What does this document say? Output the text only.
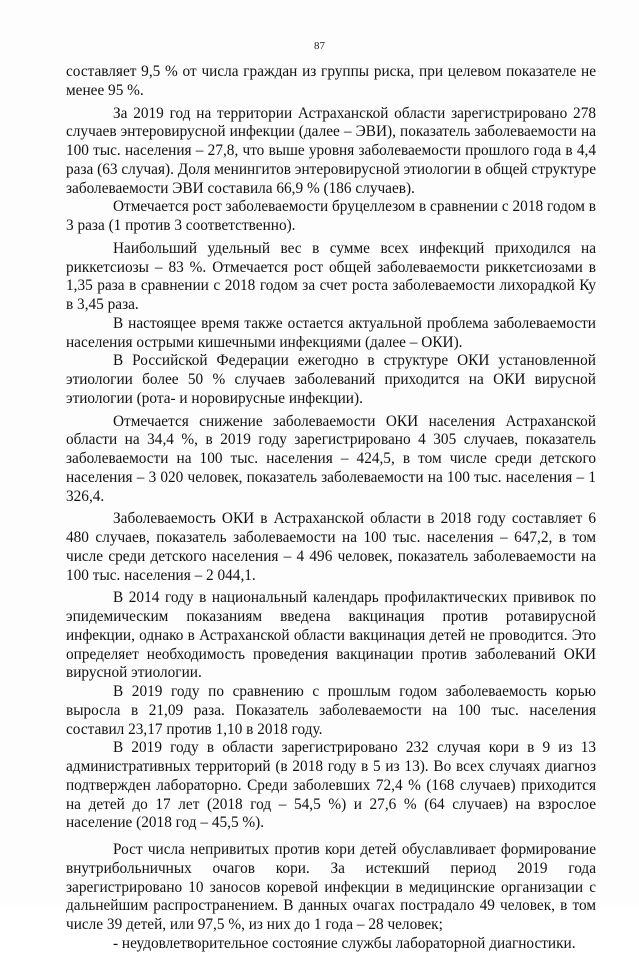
87

составляет 9,5 % от числа граждан из группы риска, при целевом показателе не менее 95 %.

За 2019 год на территории Астраханской области зарегистрировано 278 случаев энтеровирусной инфекции (далее – ЭВИ), показатель заболеваемости на 100 тыс. населения – 27,8, что выше уровня заболеваемости прошлого года в 4,4 раза (63 случая). Доля менингитов энтеровирусной этиологии в общей структуре заболеваемости ЭВИ составила 66,9 % (186 случаев).

Отмечается рост заболеваемости бруцеллезом в сравнении с 2018 годом в 3 раза (1 против 3 соответственно).

Наибольший удельный вес в сумме всех инфекций приходился на риккетсиозы – 83 %. Отмечается рост общей заболеваемости риккетсиозами в 1,35 раза в сравнении с 2018 годом за счет роста заболеваемости лихорадкой Ку в 3,45 раза.

В настоящее время также остается актуальной проблема заболеваемости населения острыми кишечными инфекциями (далее – ОКИ).

В Российской Федерации ежегодно в структуре ОКИ установленной этиологии более 50 % случаев заболеваний приходится на ОКИ вирусной этиологии (рота- и норовирусные инфекции).

Отмечается снижение заболеваемости ОКИ населения Астраханской области на 34,4 %, в 2019 году зарегистрировано 4 305 случаев, показатель заболеваемости на 100 тыс. населения – 424,5, в том числе среди детского населения – 3 020 человек, показатель заболеваемости на 100 тыс. населения – 1 326,4.

Заболеваемость ОКИ в Астраханской области в 2018 году составляет 6 480 случаев, показатель заболеваемости на 100 тыс. населения – 647,2, в том числе среди детского населения – 4 496 человек, показатель заболеваемости на 100 тыс. населения – 2 044,1.

В 2014 году в национальный календарь профилактических прививок по эпидемическим показаниям введена вакцинация против ротавирусной инфекции, однако в Астраханской области вакцинация детей не проводится. Это определяет необходимость проведения вакцинации против заболеваний ОКИ вирусной этиологии.

В 2019 году по сравнению с прошлым годом заболеваемость корью выросла в 21,09 раза. Показатель заболеваемости на 100 тыс. населения составил 23,17 против 1,10 в 2018 году.

В 2019 году в области зарегистрировано 232 случая кори в 9 из 13 административных территорий (в 2018 году в 5 из 13). Во всех случаях диагноз подтвержден лабораторно. Среди заболевших 72,4 % (168 случаев) приходится на детей до 17 лет (2018 год – 54,5 %) и 27,6 % (64 случаев) на взрослое население (2018 год – 45,5 %).

Рост числа непривитых против кори детей обуславливает формирование внутрибольничных очагов кори. За истекший период 2019 года зарегистрировано 10 заносов коревой инфекции в медицинские организации с дальнейшим распространением. В данных очагах пострадало 49 человек, в том числе 39 детей, или 97,5 %, из них до 1 года – 28 человек;

- неудовлетворительное состояние службы лабораторной диагностики.
